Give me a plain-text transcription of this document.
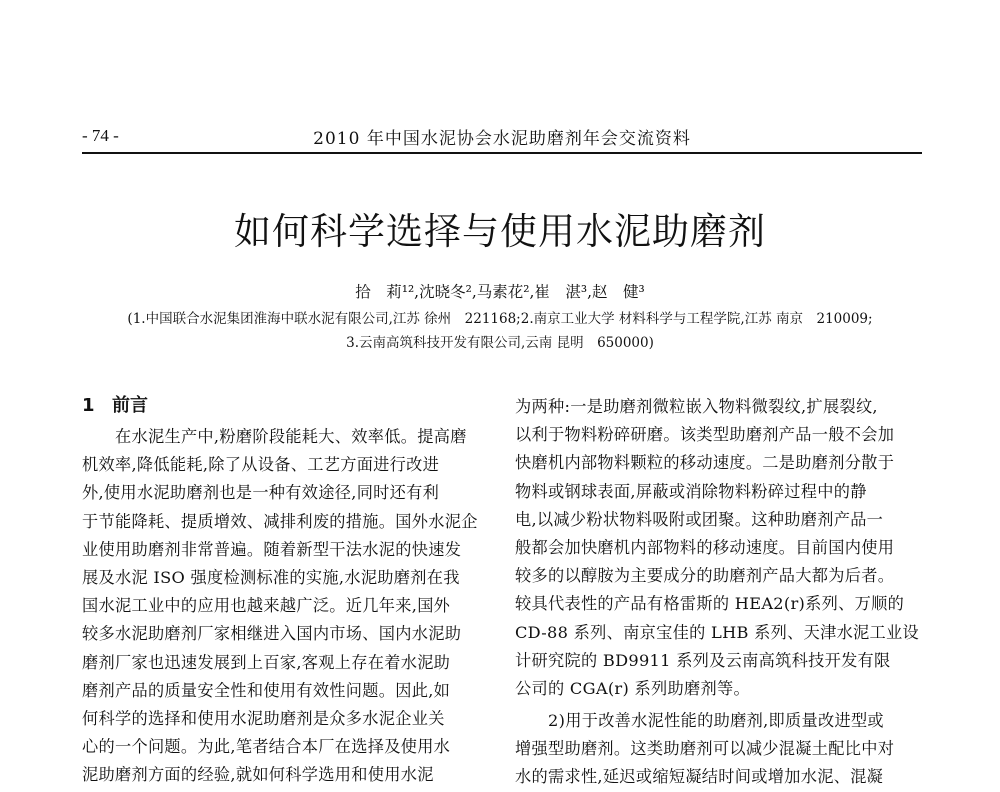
- 74 -	2010 年中国水泥协会水泥助磨剂年会交流资料
如何科学选择与使用水泥助磨剂
拾　莉¹²,沈晓冬²,马素花²,崔　湛³,赵　健³
(1.中国联合水泥集团淮海中联水泥有限公司,江苏 徐州　221168;2.南京工业大学 材料科学与工程学院,江苏 南京　210009;
3.云南高筑科技开发有限公司,云南 昆明　650000)
1 前言
在水泥生产中,粉磨阶段能耗大、效率低。提高磨
机效率,降低能耗,除了从设备、工艺方面进行改进
外,使用水泥助磨剂也是一种有效途径,同时还有利
于节能降耗、提质增效、减排利废的措施。国外水泥企
业使用助磨剂非常普遍。随着新型干法水泥的快速发
展及水泥 ISO 强度检测标准的实施,水泥助磨剂在我
国水泥工业中的应用也越来越广泛。近几年来,国外
较多水泥助磨剂厂家相继进入国内市场、国内水泥助
磨剂厂家也迅速发展到上百家,客观上存在着水泥助
磨剂产品的质量安全性和使用有效性问题。因此,如
何科学的选择和使用水泥助磨剂是众多水泥企业关
心的一个问题。为此,笔者结合本厂在选择及使用水
泥助磨剂方面的经验,就如何科学选用和使用水泥
为两种:一是助磨剂微粒嵌入物料微裂纹,扩展裂纹,
以利于物料粉碎研磨。该类型助磨剂产品一般不会加
快磨机内部物料颗粒的移动速度。二是助磨剂分散于
物料或钢球表面,屏蔽或消除物料粉碎过程中的静
电,以减少粉状物料吸附或团聚。这种助磨剂产品一
般都会加快磨机内部物料的移动速度。目前国内使用
较多的以醇胺为主要成分的助磨剂产品大都为后者。
较具代表性的产品有格雷斯的 HEA2(r)系列、万顺的
CD-88 系列、南京宝佳的 LHB 系列、天津水泥工业设
计研究院的 BD9911 系列及云南高筑科技开发有限
公司的 CGA(r) 系列助磨剂等。
2)用于改善水泥性能的助磨剂,即质量改进型或
增强型助磨剂。这类助磨剂可以减少混凝土配比中对
水的需求性,延迟或缩短凝结时间或增加水泥、混凝
